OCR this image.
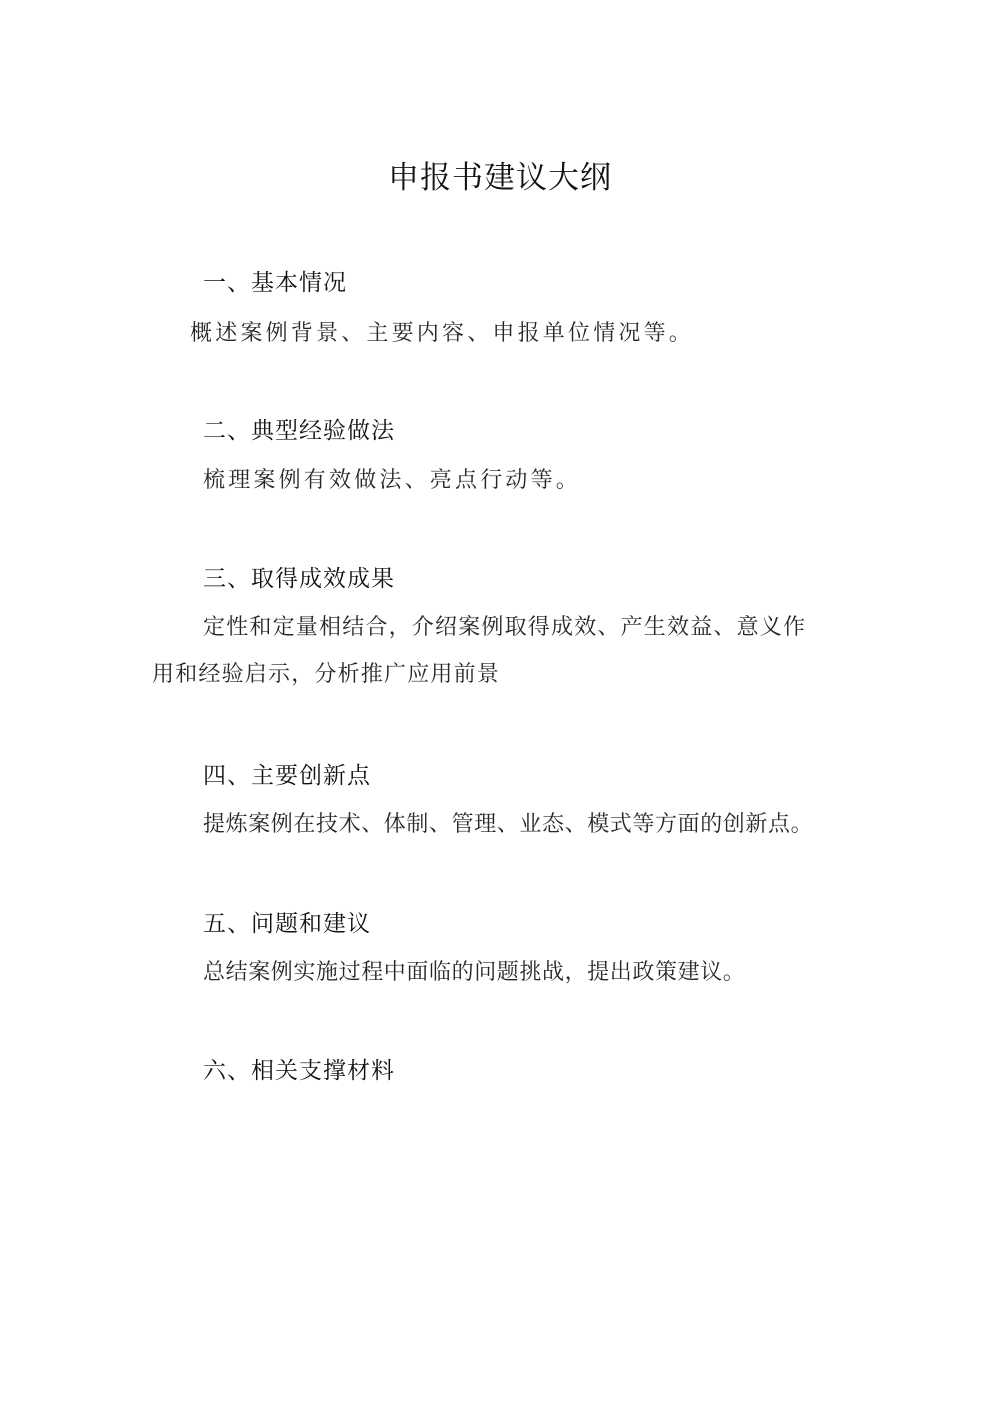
申报书建议大纲
一、基本情况
概述案例背景、主要内容、申报单位情况等。
二、典型经验做法
梳理案例有效做法、亮点行动等。
三、取得成效成果
定性和定量相结合，介绍案例取得成效、产生效益、意义作
用和经验启示，分析推广应用前景
四、主要创新点
提炼案例在技术、体制、管理、业态、模式等方面的创新点。
五、问题和建议
总结案例实施过程中面临的问题挑战，提出政策建议。
六、相关支撑材料
